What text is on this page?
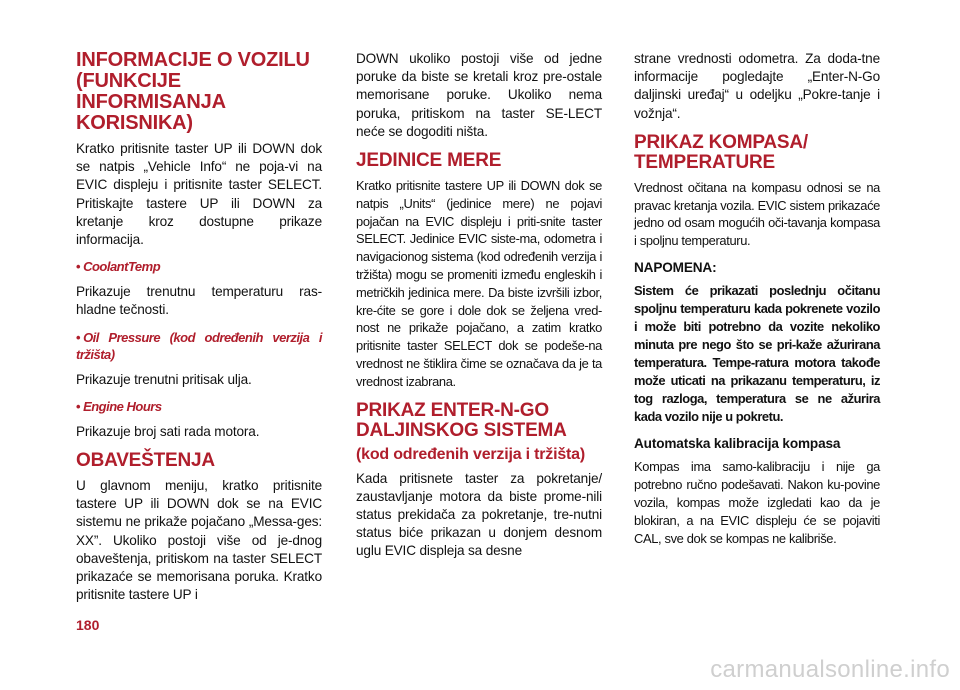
INFORMACIJE O VOZILU (FUNKCIJE INFORMISANJA KORISNIKA)

Kratko pritisnite taster UP ili DOWN dok se natpis „Vehicle Info“ ne poja-vi na EVIC displeju i pritisnite taster SELECT. Pritiskajte tastere UP ili DOWN za kretanje kroz dostupne prikaze informacija.

• CoolantTemp

Prikazuje trenutnu temperaturu ras-hladne tečnosti.

• Oil Pressure (kod određenih verzija i tržišta)

Prikazuje trenutni pritisak ulja.

• Engine Hours

Prikazuje broj sati rada motora.

OBAVEŠTENJA

U glavnom meniju, kratko pritisnite tastere UP ili DOWN dok se na EVIC sistemu ne prikaže pojačano „Messa-ges: XX”. Ukoliko postoji više od je-dnog obaveštenja, pritiskom na taster SELECT prikazaće se memorisana poruka. Kratko pritisnite tastere UP i

DOWN ukoliko postoji više od jedne poruke da biste se kretali kroz pre-ostale memorisane poruke. Ukoliko nema poruka, pritiskom na taster SE-LECT neće se dogoditi ništa.

JEDINICE MERE

Kratko pritisnite tastere UP ili DOWN dok se natpis „Units“ (jedinice mere) ne pojavi pojačan na EVIC displeju i priti-snite taster SELECT. Jedinice EVIC siste-ma, odometra i navigacionog sistema (kod određenih verzija i tržišta) mogu se promeniti između engleskih i metričkih jedinica mere. Da biste izvršili izbor, kre-ćite se gore i dole dok se željena vred-nost ne prikaže pojačano, a zatim kratko pritisnite taster SELECT dok se podeše-na vrednost ne štiklira čime se označava da je ta vrednost izabrana.

PRIKAZ ENTER-N-GO DALJINSKOG SISTEMA
(kod određenih verzija i tržišta)

Kada pritisnete taster za pokretanje/ zaustavljanje motora da biste prome-nili status prekidača za pokretanje, tre-nutni status biće prikazan u donjem desnom uglu EVIC displeja sa desne

strane vrednosti odometra. Za doda-tne informacije pogledajte „Enter-N-Go daljinski uređaj“ u odeljku „Pokre-tanje i vožnja“.

PRIKAZ KOMPASA/ TEMPERATURE

Vrednost očitana na kompasu odnosi se na pravac kretanja vozila. EVIC sistem prikazaće jedno od osam mogućih oči-tavanja kompasa i spoljnu temperaturu.

NAPOMENA:

Sistem će prikazati poslednju očitanu spoljnu temperaturu kada pokrenete vozilo i može biti potrebno da vozite nekoliko minuta pre nego što se pri-kaže ažurirana temperatura. Tempe-ratura motora takođe može uticati na prikazanu temperaturu, iz tog razloga, temperatura se ne ažurira kada vozilo nije u pokretu.

Automatska kalibracija kompasa

Kompas ima samo-kalibraciju i nije ga potrebno ručno podešavati. Nakon ku-povine vozila, kompas može izgledati kao da je blokiran, a na EVIC displeju će se pojaviti CAL, sve dok se kompas ne kalibriše.

180
carmanualsonline.info
